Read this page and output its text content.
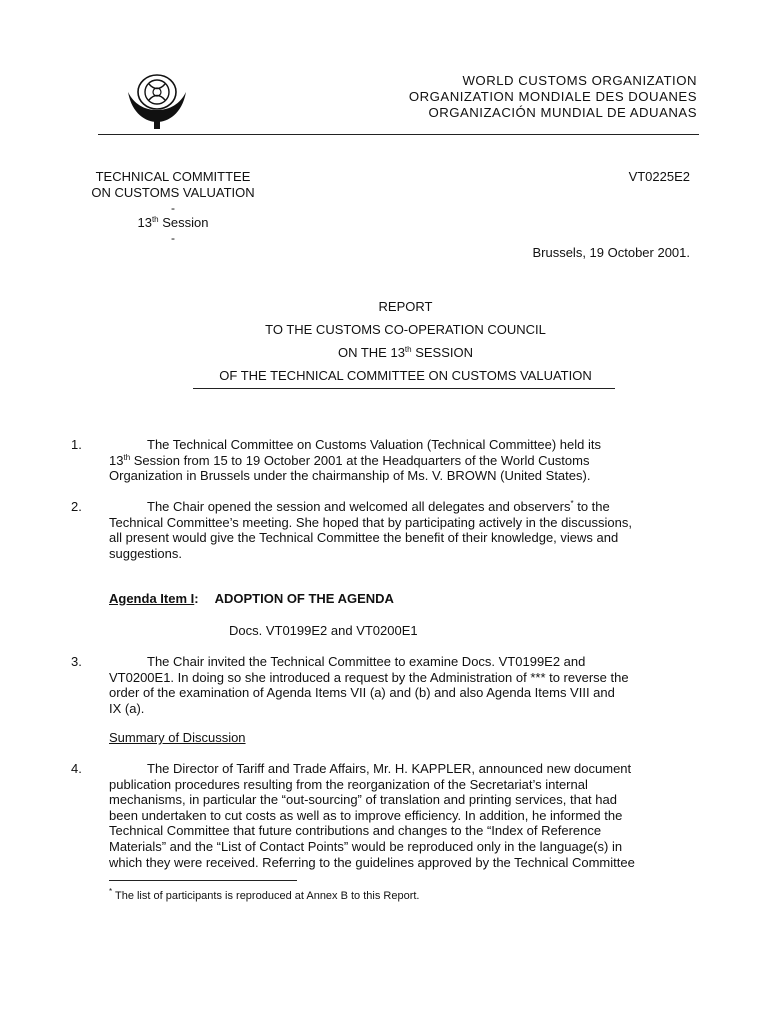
WORLD CUSTOMS ORGANIZATION
ORGANIZATION MONDIALE DES DOUANES
ORGANIZACIÓN MUNDIAL DE ADUANAS
TECHNICAL COMMITTEE
ON CUSTOMS VALUATION
-
13th Session
-
VT0225E2
Brussels, 19 October 2001.
REPORT
TO THE CUSTOMS CO-OPERATION COUNCIL
ON THE 13th SESSION
OF THE TECHNICAL COMMITTEE ON CUSTOMS VALUATION
1.	The Technical Committee on Customs Valuation (Technical Committee) held its
13th Session from 15 to 19 October 2001 at the Headquarters of the World Customs
Organization in Brussels under the chairmanship of Ms. V. BROWN (United States).
2.	The Chair opened the session and welcomed all delegates and observers* to the
Technical Committee’s meeting. She hoped that by participating actively in the discussions,
all present would give the Technical Committee the benefit of their knowledge, views and
suggestions.
Agenda Item I: ADOPTION OF THE AGENDA
Docs. VT0199E2 and VT0200E1
3.	The Chair invited the Technical Committee to examine Docs. VT0199E2 and
VT0200E1. In doing so she introduced a request by the Administration of *** to reverse the
order of the examination of Agenda Items VII (a) and (b) and also Agenda Items VIII and
IX (a).
Summary of Discussion
4.	The Director of Tariff and Trade Affairs, Mr. H. KAPPLER, announced new document
publication procedures resulting from the reorganization of the Secretariat’s internal
mechanisms, in particular the “out-sourcing” of translation and printing services, that had
been undertaken to cut costs as well as to improve efficiency. In addition, he informed the
Technical Committee that future contributions and changes to the “Index of Reference
Materials” and the “List of Contact Points” would be reproduced only in the language(s) in
which they were received. Referring to the guidelines approved by the Technical Committee
* The list of participants is reproduced at Annex B to this Report.
